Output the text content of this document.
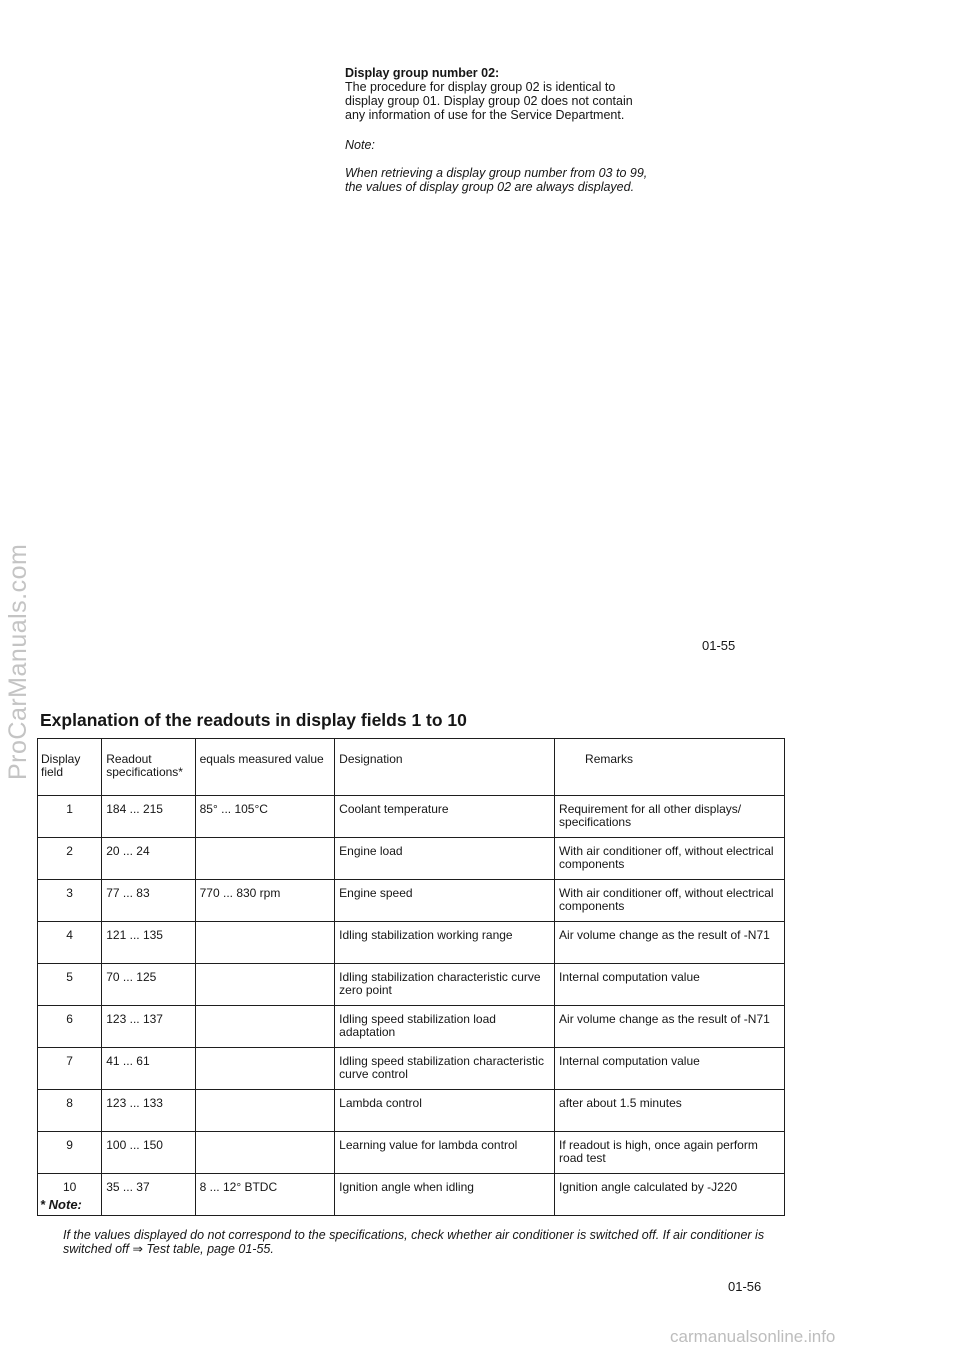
ProCarManuals.com

Display group number 02:

The procedure for display group 02 is identical to display group 01. Display group 02 does not contain any information of use for the Service Department.

Note:

When retrieving a display group number from 03 to 99, the values of display group 02 are always displayed.

01-55
Explanation of the readouts in display fields 1 to 10
Display field	Readout specifications*	equals measured value	Designation	Remarks
1	184 ... 215	85° ... 105°C	Coolant temperature	Requirement for all other displays/ specifications
2	20 ... 24		Engine load	With air conditioner off, without electrical components
3	77 ... 83	770 ... 830 rpm	Engine speed	With air conditioner off, without electrical components
4	121 ... 135		Idling stabilization working range	Air volume change as the result of -N71
5	70 ... 125		Idling stabilization characteristic curve zero point	Internal computation value
6	123 ... 137		Idling speed stabilization load adaptation	Air volume change as the result of -N71
7	41 ... 61		Idling speed stabilization characteristic curve control	Internal computation value
8	123 ... 133		Lambda control	after about 1.5 minutes
9	100 ... 150		Learning value for lambda control	If readout is high, once again perform road test
10	35 ... 37	8 ... 12° BTDC	Ignition angle when idling	Ignition angle calculated by -J220
* Note:
If the values displayed do not correspond to the specifications, check whether air conditioner is switched off. If air conditioner is switched off ⇒ Test table, page 01-55.
01-56
carmanualsonline.info
